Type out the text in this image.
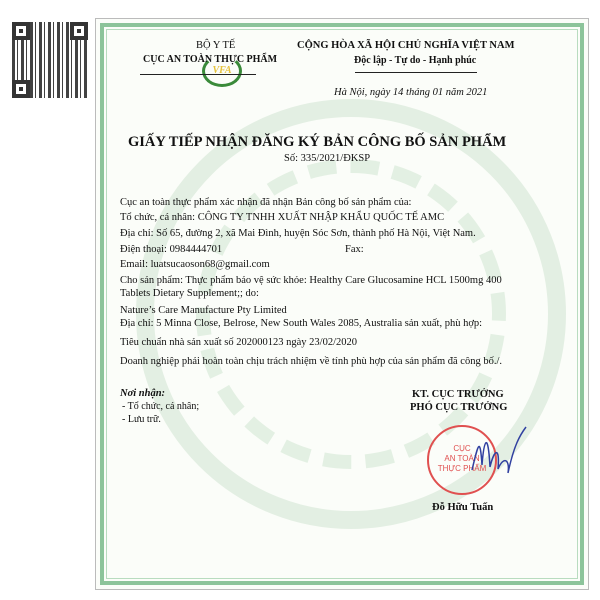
VFA
BỘ Y TẾ
CỤC AN TOÀN THỰC PHẨM
CỘNG HÒA XÃ HỘI CHỦ NGHĨA VIỆT NAM
Độc lập - Tự do - Hạnh phúc
Hà Nội, ngày 14 tháng 01 năm 2021
GIẤY TIẾP NHẬN ĐĂNG KÝ BẢN CÔNG BỐ SẢN PHẨM
Số: 335/2021/ĐKSP
Cục an toàn thực phẩm xác nhận đã nhận Bản công bố sản phẩm của:
Tổ chức, cá nhân: CÔNG TY TNHH XUẤT NHẬP KHẨU QUỐC TẾ AMC
Địa chỉ: Số 65, đường 2, xã Mai Đình, huyện Sóc Sơn, thành phố Hà Nội, Việt Nam.
Điện thoại: 0984444701	Fax:
Email: luatsucaoson68@gmail.com
Cho sản phẩm: Thực phẩm bảo vệ sức khỏe: Healthy Care Glucosamine HCL 1500mg 400
Tablets Dietary Supplement;; do:
Nature’s Care Manufacture Pty Limited
Địa chỉ: 5 Minna Close, Belrose, New South Wales 2085, Australia sản xuất, phù hợp:
Tiêu chuẩn nhà sản xuất số 202000123 ngày 23/02/2020
Doanh nghiệp phải hoàn toàn chịu trách nhiệm về tính phù hợp của sản phẩm đã công bố./.
Nơi nhận:
- Tổ chức, cá nhân;
- Lưu trữ.
KT. CỤC TRƯỞNG
PHÓ CỤC TRƯỞNG
CỤC
AN TOÀN
THỰC PHẨM
Đỗ Hữu Tuấn
